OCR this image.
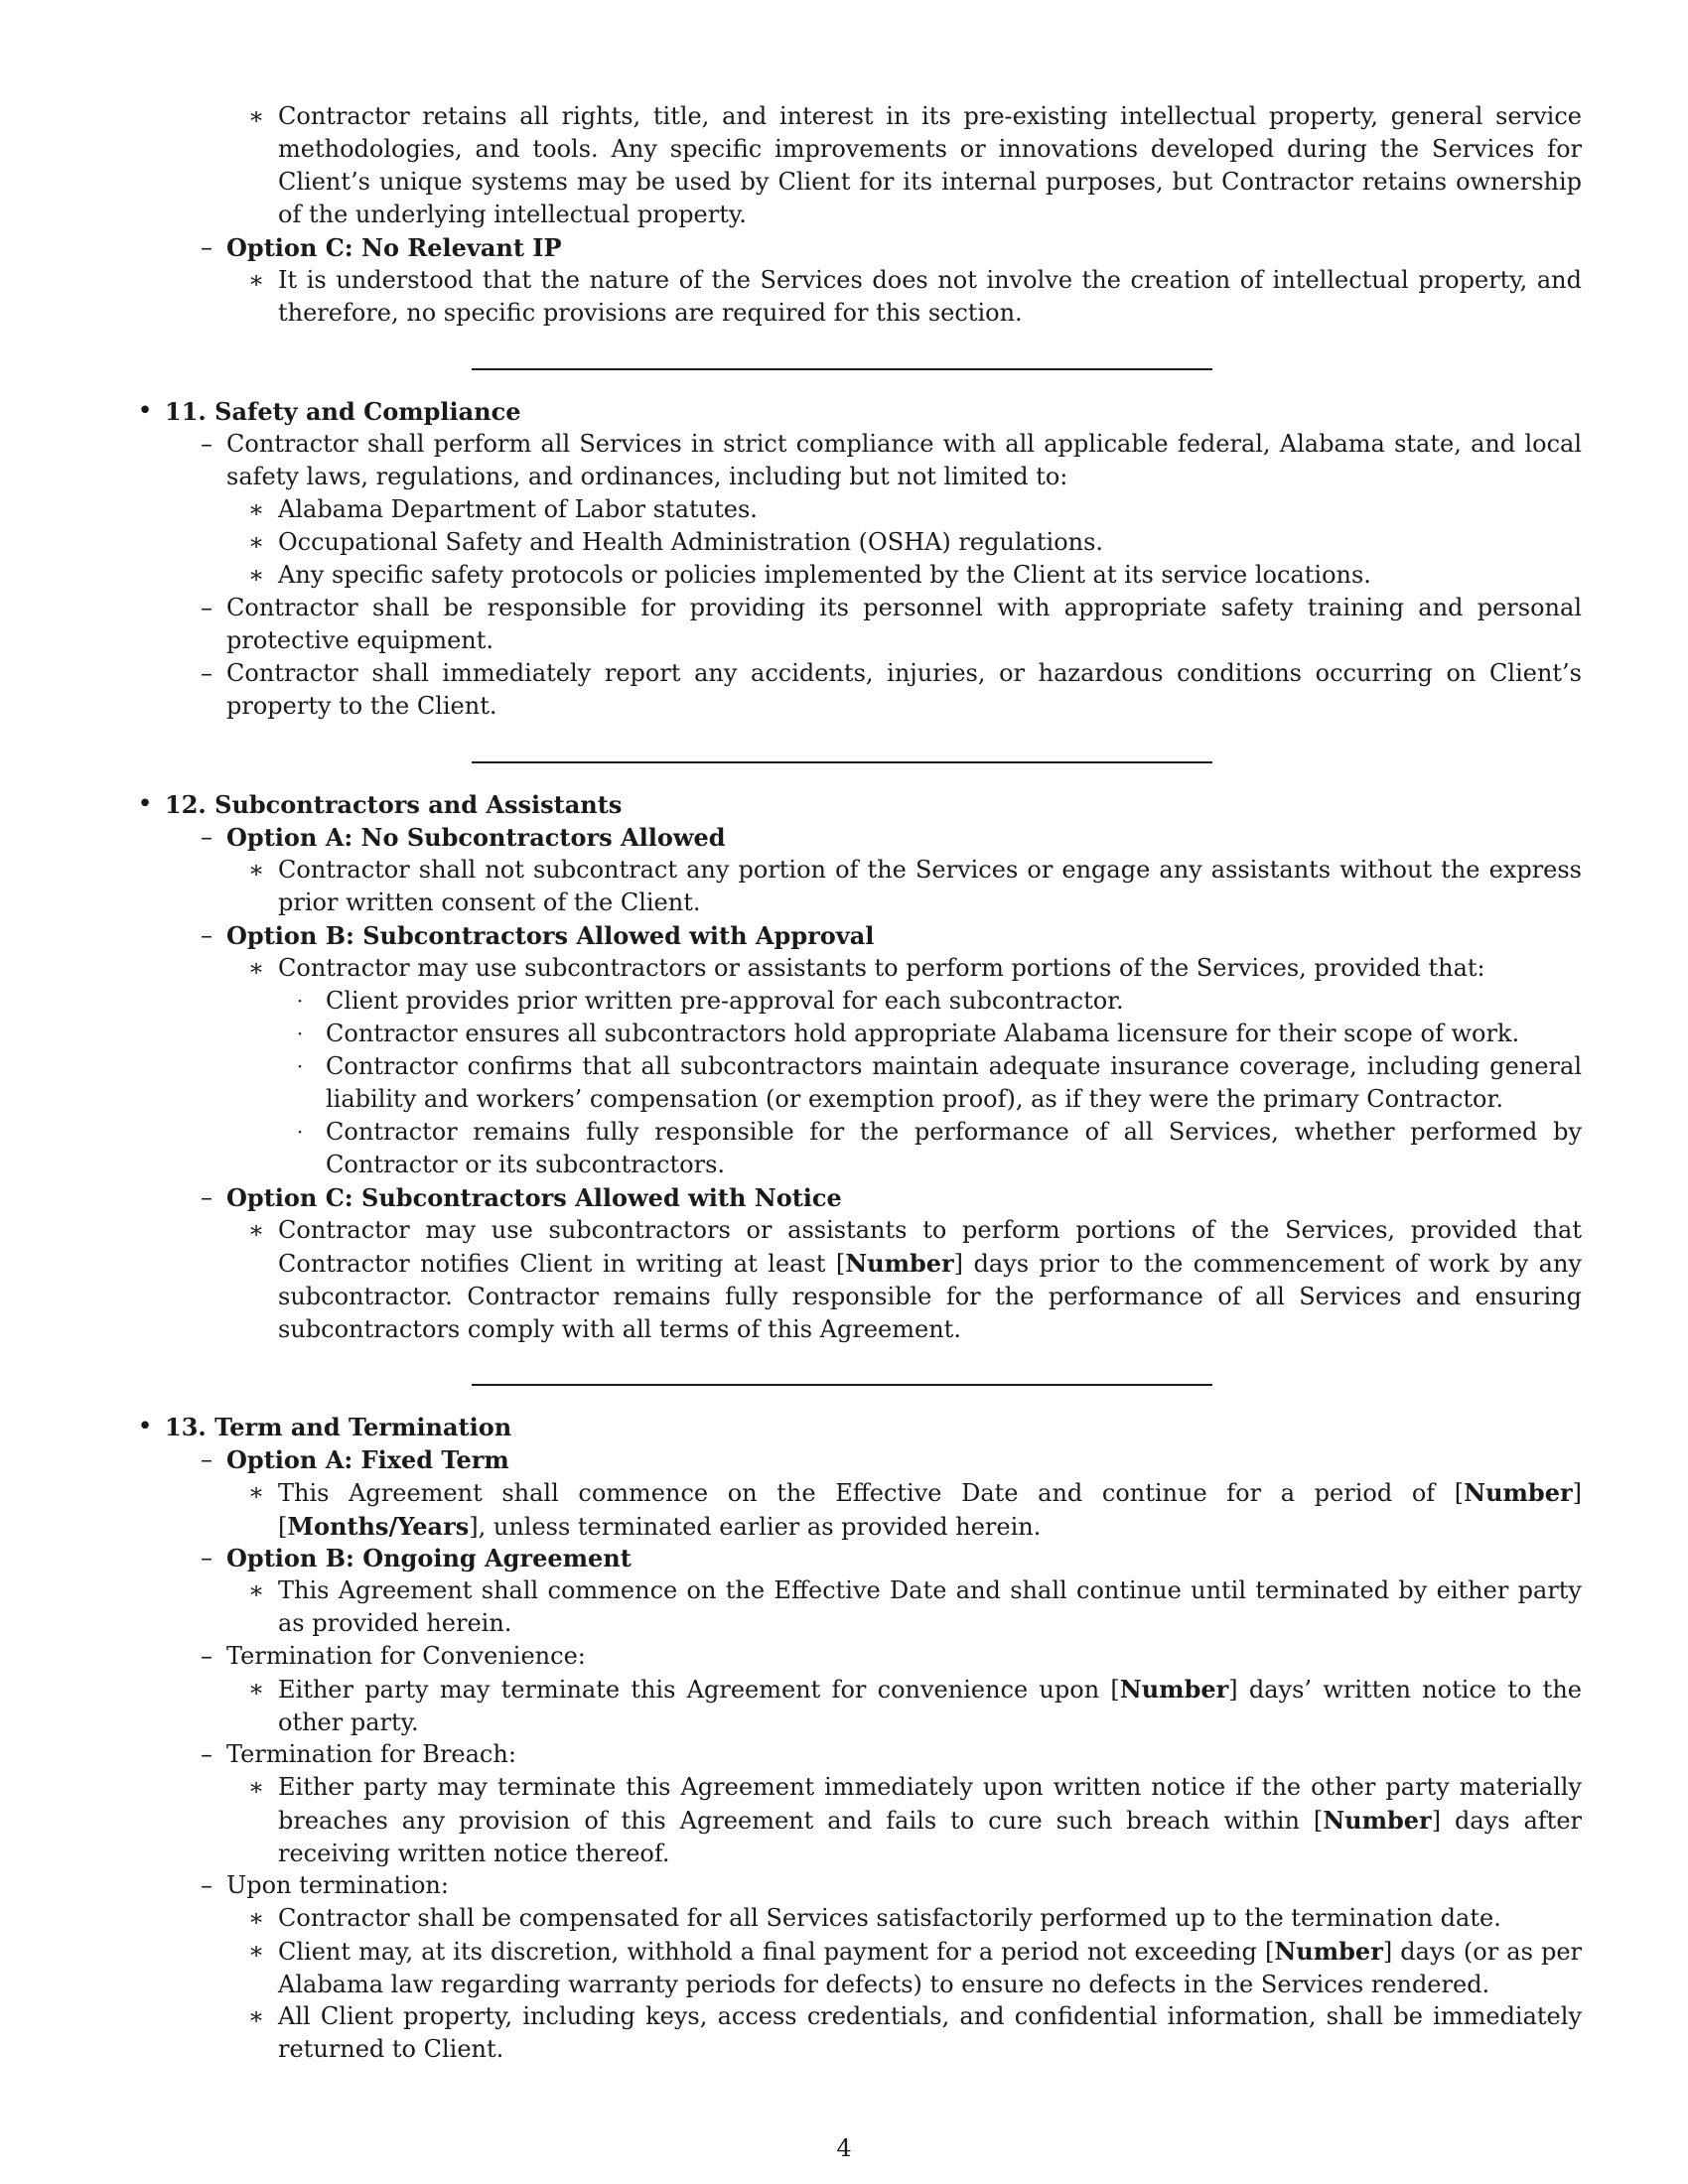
∗ Contractor retains all rights, title, and interest in its pre-existing intellectual property, general service methodologies, and tools. Any specific improvements or innovations developed during the Services for Client’s unique systems may be used by Client for its internal purposes, but Contractor retains ownership of the underlying intellectual property.
– Option C: No Relevant IP
∗ It is understood that the nature of the Services does not involve the creation of intellectual property, and therefore, no specific provisions are required for this section.
• 11. Safety and Compliance
– Contractor shall perform all Services in strict compliance with all applicable federal, Alabama state, and local safety laws, regulations, and ordinances, including but not limited to:
∗ Alabama Department of Labor statutes.
∗ Occupational Safety and Health Administration (OSHA) regulations.
∗ Any specific safety protocols or policies implemented by the Client at its service locations.
– Contractor shall be responsible for providing its personnel with appropriate safety training and personal protective equipment.
– Contractor shall immediately report any accidents, injuries, or hazardous conditions occurring on Client’s property to the Client.
• 12. Subcontractors and Assistants
– Option A: No Subcontractors Allowed
∗ Contractor shall not subcontract any portion of the Services or engage any assistants without the express prior written consent of the Client.
– Option B: Subcontractors Allowed with Approval
∗ Contractor may use subcontractors or assistants to perform portions of the Services, provided that:
· Client provides prior written pre-approval for each subcontractor.
· Contractor ensures all subcontractors hold appropriate Alabama licensure for their scope of work.
· Contractor confirms that all subcontractors maintain adequate insurance coverage, including general liability and workers’ compensation (or exemption proof), as if they were the primary Contractor.
· Contractor remains fully responsible for the performance of all Services, whether performed by Contractor or its subcontractors.
– Option C: Subcontractors Allowed with Notice
∗ Contractor may use subcontractors or assistants to perform portions of the Services, provided that Contractor notifies Client in writing at least [Number] days prior to the commencement of work by any subcontractor. Contractor remains fully responsible for the performance of all Services and ensuring subcontractors comply with all terms of this Agreement.
• 13. Term and Termination
– Option A: Fixed Term
∗ This Agreement shall commence on the Effective Date and continue for a period of [Number] [Months/Years], unless terminated earlier as provided herein.
– Option B: Ongoing Agreement
∗ This Agreement shall commence on the Effective Date and shall continue until terminated by either party as provided herein.
– Termination for Convenience:
∗ Either party may terminate this Agreement for convenience upon [Number] days’ written notice to the other party.
– Termination for Breach:
∗ Either party may terminate this Agreement immediately upon written notice if the other party materially breaches any provision of this Agreement and fails to cure such breach within [Number] days after receiving written notice thereof.
– Upon termination:
∗ Contractor shall be compensated for all Services satisfactorily performed up to the termination date.
∗ Client may, at its discretion, withhold a final payment for a period not exceeding [Number] days (or as per Alabama law regarding warranty periods for defects) to ensure no defects in the Services rendered.
∗ All Client property, including keys, access credentials, and confidential information, shall be immediately returned to Client.
4
